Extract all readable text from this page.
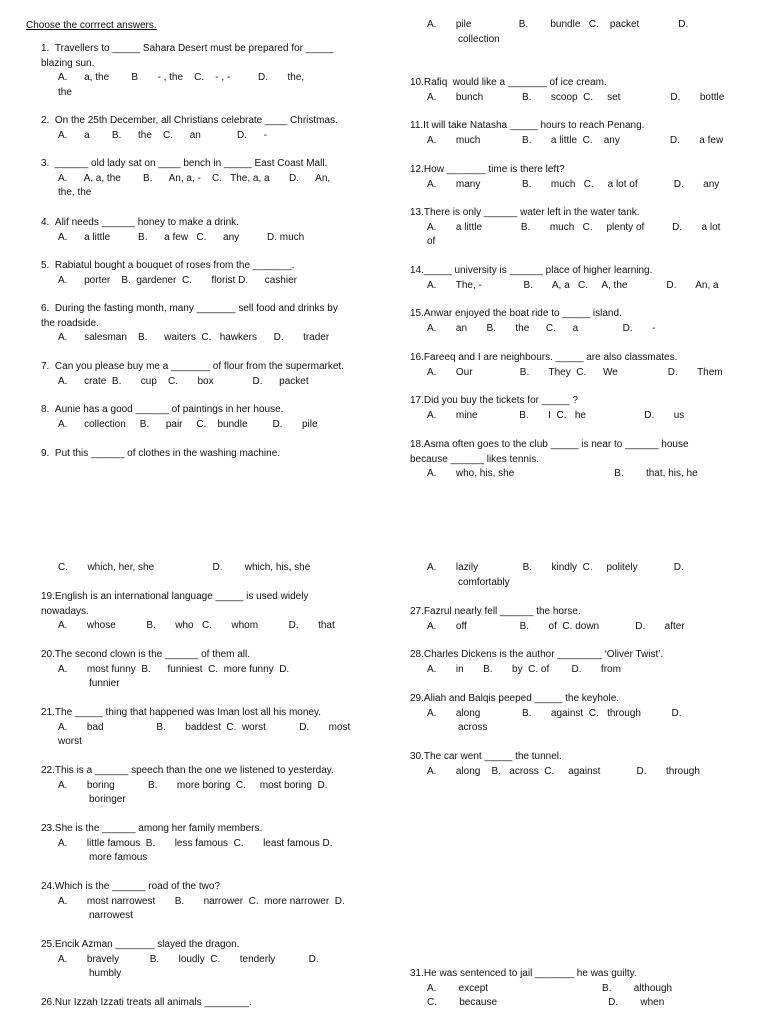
Choose the corrrect answers.
1. Travellers to _____ Sahara Desert must be prepared for _____
blazing sun.
A.      a, the        B       - , the    C.    - , -          D.       the,
the
2. On the 25th December, all Christians celebrate ____ Christmas.
A.      a        B.      the    C.      an             D.      -
3. ______ old lady sat on ____ bench in _____ East Coast Mall.
A.      A, a, the        B.      An, a, -    C.   The, a, a       D.      An,
the, the
4. Alif needs ______ honey to make a drink.
A.      a little          B.      a few   C.      any          D. much
5. Rabiatul bought a bouquet of roses from the _______.
A.      porter    B.  gardener  C.       florist D.      cashier
6. During the fasting month, many _______ sell food and drinks by
the roadside.
A.      salesman    B.      waiters  C.   hawkers      D.       trader
7. Can you please buy me a _______ of flour from the supermarket.
A.      crate  B.       cup    C.       box              D.      packet
8. Aunie has a good ______ of paintings in her house.
A.      collection     B.      pair     C.    bundle         D.       pile
9. Put this ______ of clothes in the washing machine.
A.       pile                 B.        bundle   C.    packet              D.
collection
10.Rafiq  would like a _______ of ice cream.
A.       bunch              B.       scoop  C.     set                  D.       bottle
11.It will take Natasha _____ hours to reach Penang.
A.       much               B.       a little  C.    any                  D.       a few
12.How _______ time is there left?
A.       many               B.       much   C.     a lot of             D.       any
13.There is only ______ water left in the water tank.
A.       a little              B.       much   C.     plenty of          D.       a lot
of
14._____ university is ______ place of higher learning.
A.       The, -               B.       A, a   C.     A, the              D.       An, a
15.Anwar enjoyed the boat ride to _____ island.
A.       an       B.       the      C.      a                D.       -
16.Fareeq and I are neighbours. _____ are also classmates.
A.       Our                 B.       They  C.      We                  D.       Them
17.Did you buy the tickets for _____ ?
A.       mine               B.       I  C.   he                     D.       us
18.Asma often goes to the club _____ is near to ______ house
because ______ likes tennis.
A.       who, his, she                                    B.        that, his, he
C.       which, her, she                     D.        which, his, she
19.English is an international language _____ is used widely
nowadays.
A.       whose           B.       who   C.       whom           D.       that
20.The second clown is the ______ of them all.
A.       most funny  B.      funniest  C.  more funny  D.
funnier
21.The _____ thing that happened was Iman lost all his money.
A.       bad                   B.       baddest  C.  worst            D.       most
worst
22.This is a ______ speech than the one we listened to yesterday.
A.       boring            B.       more boring  C.     most boring  D.
boringer
23.She is the ______ among her family members.
A.       little famous  B.       less famous  C.       least famous D.
more famous
24.Which is the ______ road of the two?
A.       most narrowest       B.       narrower  C.  more narrower  D.
narrowest
25.Encik Azman _______ slayed the dragon.
A.       bravely           B.       loudly  C.       tenderly            D.
humbly
26.Nur Izzah Izzati treats all animals ________.
A.       lazily                B.       kindly  C.     politely             D.
comfortably
27.Fazrul nearly fell ______ the horse.
A.       off                   B.       of  C. down             D.       after
28.Charles Dickens is the author ________ ‘Oliver Twist’.
A.       in       B.       by  C. of        D.       from
29.Aliah and Balqis peeped _____ the keyhole.
A.       along               B.       against  C.   through           D.
across
30.The car went _____ the tunnel.
A.       along    B.   across  C.     against             D.       through
31.He was sentenced to jail _______ he was guilty.
A.        except                                         B.        although
C.        because                                        D.        when
